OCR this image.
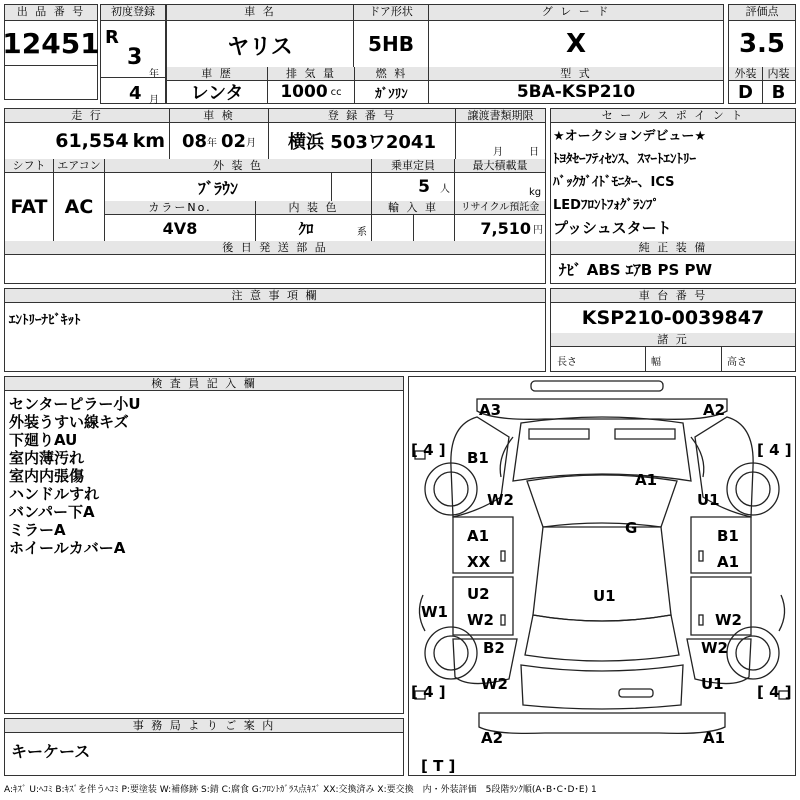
出 品 番 号
12451
初度登録
R
3
年
4 月
車 名
ヤリス
ドア形状
5HB
グ レ ー ド
X
車 歴
レンタ
排 気 量
1000 cc
燃 料
ｶﾞｿﾘﾝ
型 式
5BA-KSP210
評価点
3.5
外装	内装
D	B
走 行
61,554 km
車 検
08 年 02 月
登 録 番 号
横浜 503ワ2041
譲渡書類期限
月	日
シフト	エアコン
FAT AC
外 装 色
ﾌﾞﾗｳﾝ
乗車定員
5 人
最大積載量
kg
カラーNo.	内 装 色
4V8	ｸﾛ	系
輸 入 車	リサイクル預託金
7,510 円
後 日 発 送 部 品
セ ー ル ス ポ イ ン ト
★オークションデビュー★
ﾄﾖﾀｾｰﾌﾃｨｾﾝｽ、ｽﾏｰﾄｴﾝﾄﾘｰ
ﾊﾞｯｸｶﾞｲﾄﾞﾓﾆﾀｰ、ICS
LEDﾌﾛﾝﾄﾌｫｸﾞﾗﾝﾌﾟ
プッシュスタート
純 正 装 備
ﾅﾋﾞ ABS ｴｱB PS PW
注 意 事 項 欄
ｴﾝﾄﾘｰﾅﾋﾞｷｯﾄ
車 台 番 号
KSP210-0039847
諸 元
長さ	幅	高さ
検 査 員 記 入 欄
センターピラー小U
外装うすい線キズ
下廻りAU
室内薄汚れ
室内内張傷
ハンドルすれ
バンパー下A
ミラーA
ホイールカバーA
事 務 局 よ り ご 案 内
キーケース
[ 4 ]	[ 4 ]
[ 4 ]	[ 4 ]
[ T ]
A3	A2
B1
A1
W2	U1
A1	G	B1
XX	A1
U2	U1
W1 W2	W2
B2	W2
W2	U1
A2	A1
A:ｷｽﾞ U:ﾍｺﾐ B:ｷｽﾞを伴うﾍｺﾐ P:要塗装 W:補修跡 S:錆 C:腐食 G:ﾌﾛﾝﾄｶﾞﾗｽ点ｷｽﾞ XX:交換済み X:要交換　内・外装評価　5段階ﾗﾝｸ順(A･B･C･D･E) 1
